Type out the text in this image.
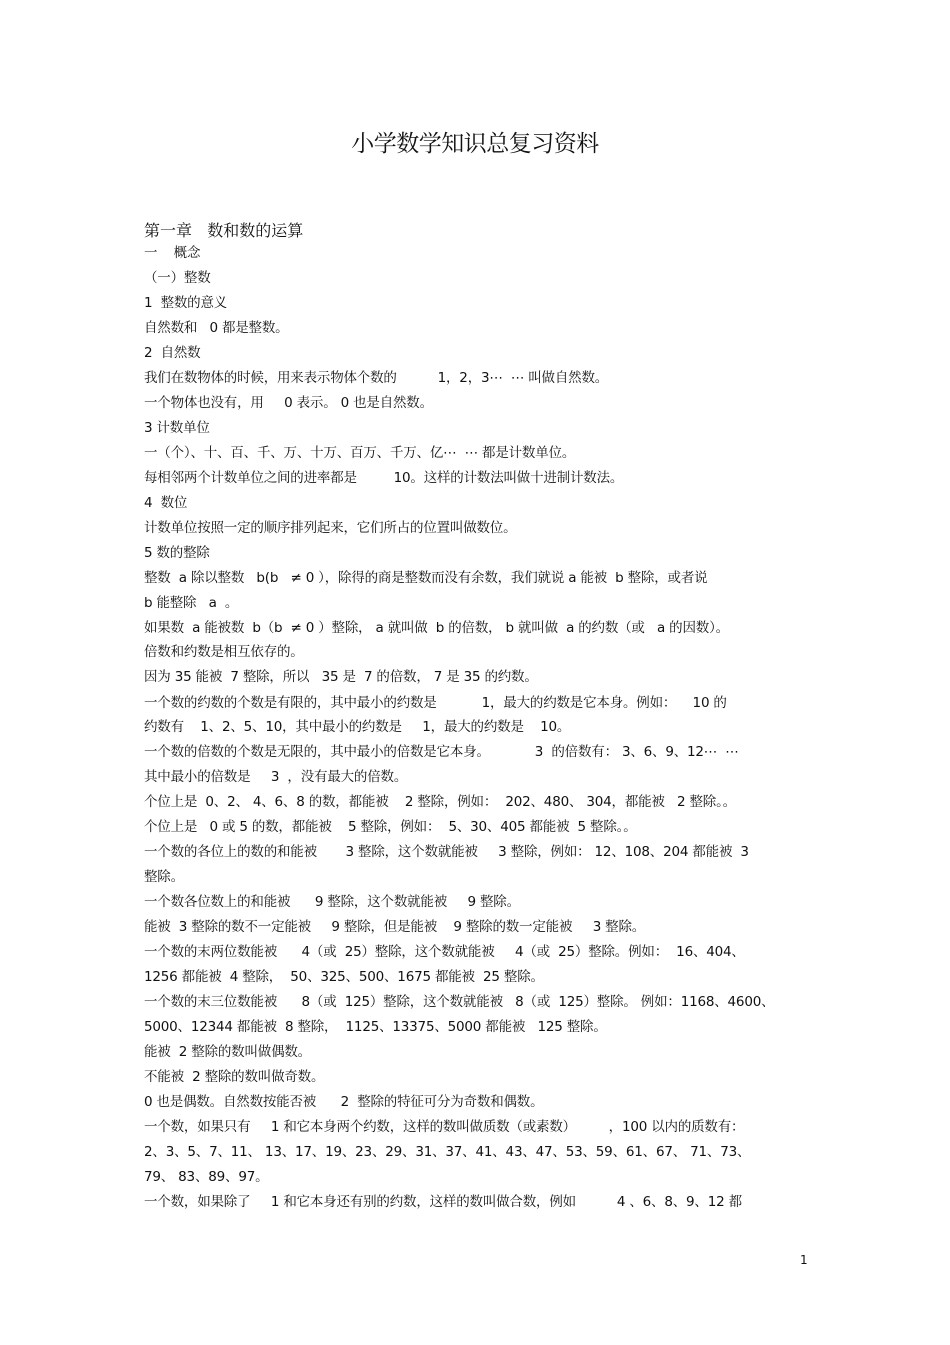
小学数学知识总复习资料
第一章   数和数的运算
一    概念
（一）整数
1  整数的意义
自然数和   0 都是整数。
2  自然数
我们在数物体的时候，用来表示物体个数的          1，2，3⋯  ⋯ 叫做自然数。
一个物体也没有，用     0 表示。 0 也是自然数。
3 计数单位
一（个）、十、百、千、万、十万、百万、千万、亿⋯  ⋯ 都是计数单位。
每相邻两个计数单位之间的进率都是         10。这样的计数法叫做十进制计数法。
4  数位
计数单位按照一定的顺序排列起来，它们所占的位置叫做数位。
5 数的整除
整数  a 除以整数   b(b   ≠ 0 ），除得的商是整数而没有余数，我们就说 a 能被  b 整除，或者说
b 能整除   a  。
如果数  a 能被数  b（b  ≠ 0 ）整除， a 就叫做  b 的倍数， b 就叫做  a 的约数（或   a 的因数）。
倍数和约数是相互依存的。
因为 35 能被  7 整除，所以   35 是  7 的倍数， 7 是 35 的约数。
一个数的约数的个数是有限的，其中最小的约数是           1，最大的约数是它本身。例如：    10 的
约数有    1、2、5、10，其中最小的约数是     1，最大的约数是    10。
一个数的倍数的个数是无限的，其中最小的倍数是它本身。           3  的倍数有： 3、6、9、12⋯  ⋯
其中最小的倍数是     3  ，没有最大的倍数。
个位上是  0、2、 4、6、8 的数，都能被    2 整除，例如：  202、480、 304，都能被   2 整除。。
个位上是   0 或 5 的数，都能被    5 整除，例如：  5、30、405 都能被  5 整除。。
一个数的各位上的数的和能被       3 整除，这个数就能被     3 整除，例如： 12、108、204 都能被  3
整除。
一个数各位数上的和能被      9 整除，这个数就能被     9 整除。
能被  3 整除的数不一定能被     9 整除，但是能被    9 整除的数一定能被     3 整除。
一个数的末两位数能被      4（或  25）整除，这个数就能被     4（或  25）整除。例如：  16、404、
1256 都能被  4 整除，  50、325、500、1675 都能被  25 整除。
一个数的末三位数能被      8（或  125）整除，这个数就能被   8（或  125）整除。 例如：1168、4600、
5000、12344 都能被  8 整除，  1125、13375、5000 都能被   125 整除。
能被  2 整除的数叫做偶数。
不能被  2 整除的数叫做奇数。
0 也是偶数。自然数按能否被      2  整除的特征可分为奇数和偶数。
一个数，如果只有     1 和它本身两个约数，这样的数叫做质数（或素数）        ，100 以内的质数有：
2、3、5、7、11、 13、17、19、23、29、31、37、41、43、47、53、59、61、67、 71、73、
79、 83、89、97。
一个数，如果除了     1 和它本身还有别的约数，这样的数叫做合数，例如          4 、6、8、9、12 都
1
